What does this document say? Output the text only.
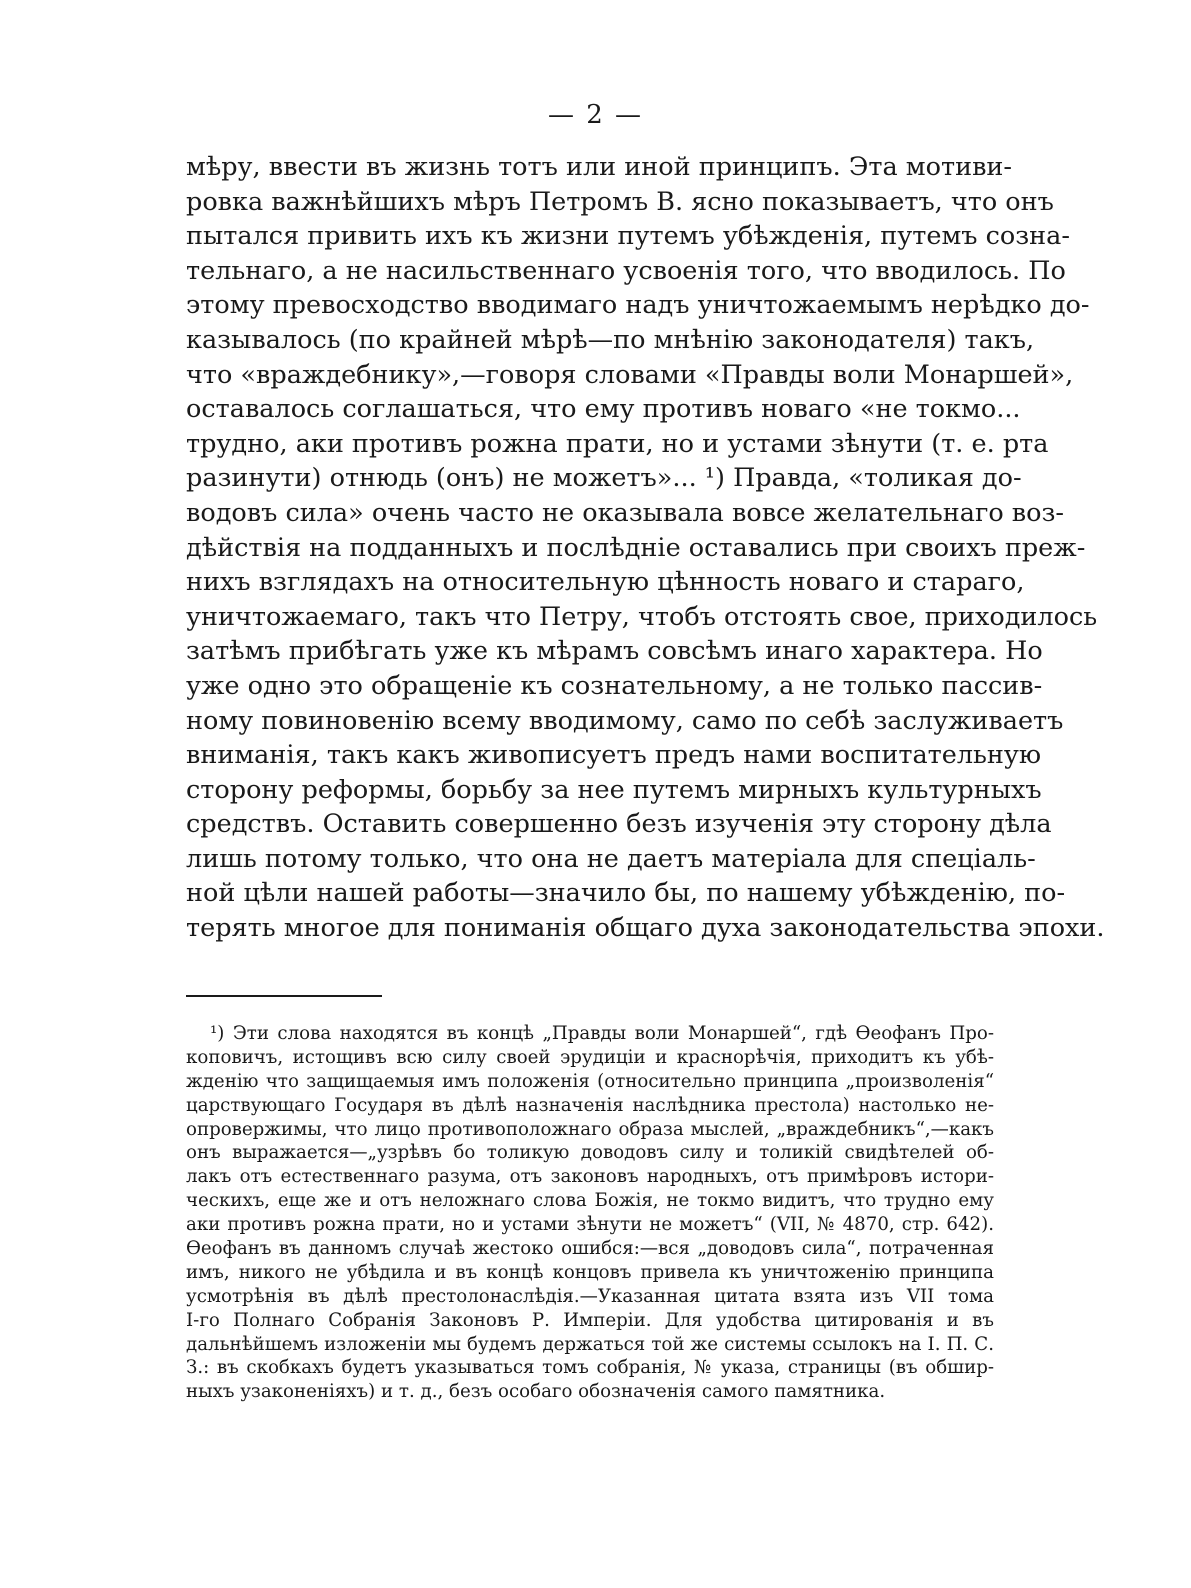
— 2 —
мѣру, ввести въ жизнь тотъ или иной принципъ. Эта мотиви-
ровка важнѣйшихъ мѣръ Петромъ В. ясно показываетъ, что онъ
пытался привить ихъ къ жизни путемъ убѣжденія, путемъ созна-
тельнаго, а не насильственнаго усвоенія того, что вводилось. По
этому превосходство вводимаго надъ уничтожаемымъ нерѣдко до-
казывалось (по крайней мѣрѣ—по мнѣнію законодателя) такъ,
что «враждебнику»,—говоря словами «Правды воли Монаршей»,
оставалось соглашаться, что ему противъ новаго «не токмо...
трудно, аки противъ рожна прати, но и устами зѣнути (т. е. рта
разинути) отнюдь (онъ) не можетъ»... ¹) Правда, «толикая до-
водовъ сила» очень часто не оказывала вовсе желательнаго воз-
дѣйствія на подданныхъ и послѣдніе оставались при своихъ преж-
нихъ взглядахъ на относительную цѣнность новаго и стараго,
уничтожаемаго, такъ что Петру, чтобъ отстоять свое, приходилось
затѣмъ прибѣгать уже къ мѣрамъ совсѣмъ инаго характера. Но
уже одно это обращеніе къ сознательному, а не только пассив-
ному повиновенію всему вводимому, само по себѣ заслуживаетъ
вниманія, такъ какъ живописуетъ предъ нами воспитательную
сторону реформы, борьбу за нее путемъ мирныхъ культурныхъ
средствъ. Оставить совершенно безъ изученія эту сторону дѣла
лишь потому только, что она не даетъ матеріала для спеціаль-
ной цѣли нашей работы—значило бы, по нашему убѣжденію, по-
терять многое для пониманія общаго духа законодательства эпохи.
¹) Эти слова находятся въ концѣ „Правды воли Монаршей“, гдѣ Ѳеофанъ Про-
коповичъ, истощивъ всю силу своей эрудиціи и краснорѣчія, приходитъ къ убѣ-
жденію что защищаемыя имъ положенія (относительно принципа „произволенія“
царствующаго Государя въ дѣлѣ назначенія наслѣдника престола) настолько не-
опровержимы, что лицо противоположнаго образа мыслей, „враждебникъ“,—какъ
онъ выражается—„узрѣвъ бо толикую доводовъ силу и толикій свидѣтелей об-
лакъ отъ естественнаго разума, отъ законовъ народныхъ, отъ примѣровъ истори-
ческихъ, еще же и отъ неложнаго слова Божія, не токмо видитъ, что трудно ему
аки противъ рожна прати, но и устами зѣнути не можетъ“ (VII, № 4870, стр. 642).
Ѳеофанъ въ данномъ случаѣ жестоко ошибся:—вся „доводовъ сила“, потраченная
имъ, никого не убѣдила и въ концѣ концовъ привела къ уничтоженію принципа
усмотрѣнія въ дѣлѣ престолонаслѣдія.—Указанная цитата взята изъ VII тома
I-го Полнаго Собранія Законовъ Р. Имперіи. Для удобства цитированія и въ
дальнѣйшемъ изложеніи мы будемъ держаться той же системы ссылокъ на I. П. С.
З.: въ скобкахъ будетъ указываться томъ собранія, № указа, страницы (въ обшир-
ныхъ узаконеніяхъ) и т. д., безъ особаго обозначенія самого памятника.
